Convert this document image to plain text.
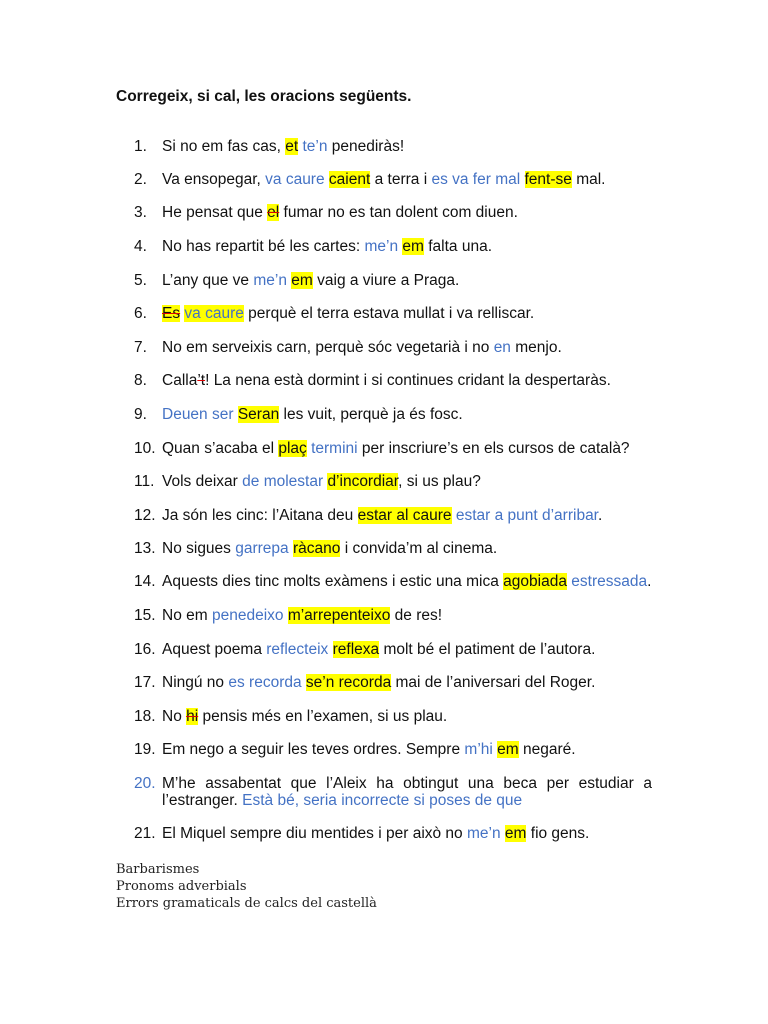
Corregeix, si cal, les oracions següents.
1. Si no em fas cas, et te’n penediràs!
2. Va ensopegar, va caure caient a terra i es va fer mal fent-se mal.
3. He pensat que el fumar no es tan dolent com diuen.
4. No has repartit bé les cartes: me’n em falta una.
5. L’any que ve me’n em vaig a viure a Praga.
6. Es va caure perquè el terra estava mullat i va relliscar.
7. No em serveixis carn, perquè sóc vegetarià i no en menjo.
8. Calla’t! La nena està dormint i si continues cridant la despertaràs.
9. Deuen ser Seran les vuit, perquè ja és fosc.
10. Quan s’acaba el plaç termini per inscriure’s en els cursos de català?
11. Vols deixar de molestar d’incordiar, si us plau?
12. Ja són les cinc: l’Aitana deu estar al caure estar a punt d’arribar.
13. No sigues garrepa ràcano i convida’m al cinema.
14. Aquests dies tinc molts exàmens i estic una mica agobiada estressada.
15. No em penedeixo m’arrepenteixo de res!
16. Aquest poema reflecteix reflexa molt bé el patiment de l’autora.
17. Ningú no es recorda se’n recorda mai de l’aniversari del Roger.
18. No hi pensis més en l’examen, si us plau.
19. Em nego a seguir les teves ordres. Sempre m’hi em negaré.
20. M’he assabentat que l’Aleix ha obtingut una beca per estudiar a l’estranger. Està bé, seria incorrecte si poses de que
21. El Miquel sempre diu mentides i per això no me’n em fio gens.
Barbarismes
Pronoms adverbials
Errors gramaticals de calcs del castellà
